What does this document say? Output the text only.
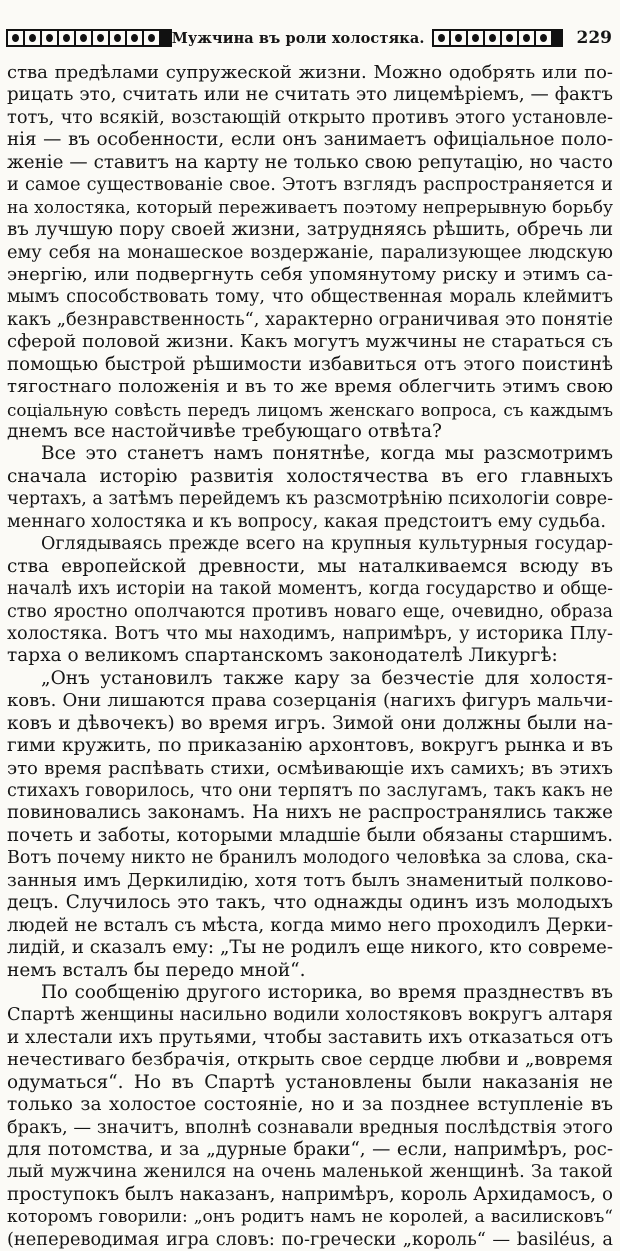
Мужчина въ роли холостяка.	229
ства предѣлами супружеской жизни. Можно одобрять или по-
рицать это, считать или не считать это лицемѣріемъ, — фактъ
тотъ, что всякій, возстающій открыто противъ этого установле-
нія — въ особенности, если онъ занимаетъ офиціальное поло-
женіе — ставитъ на карту не только свою репутацію, но часто
и самое существованіе свое. Этотъ взглядъ распространяется и
на холостяка, который переживаетъ поэтому непрерывную борьбу
въ лучшую пору своей жизни, затрудняясь рѣшить, обречь ли
ему себя на монашеское воздержаніе, парализующее людскую
энергію, или подвергнуть себя упомянутому риску и этимъ са-
мымъ способствовать тому, что общественная мораль клеймитъ
какъ „безнравственность“, характерно ограничивая это понятіе
сферой половой жизни. Какъ могутъ мужчины не стараться съ
помощью быстрой рѣшимости избавиться отъ этого поистинѣ
тягостнаго положенія и въ то же время облегчить этимъ свою
соціальную совѣсть передъ лицомъ женскаго вопроса, съ каждымъ
днемъ все настойчивѣе требующаго отвѣта?
Все это станетъ намъ понятнѣе, когда мы разсмотримъ
сначала исторію развитія холостячества въ его главныхъ
чертахъ, а затѣмъ перейдемъ къ разсмотрѣнію психологіи совре-
меннаго холостяка и къ вопросу, какая предстоитъ ему судьба.
Оглядываясь прежде всего на крупныя культурныя государ-
ства европейской древности, мы наталкиваемся всюду въ
началѣ ихъ исторіи на такой моментъ, когда государство и обще-
ство яростно ополчаются противъ новаго еще, очевидно, образа
холостяка. Вотъ что мы находимъ, напримѣръ, у историка Плу-
тарха о великомъ спартанскомъ законодателѣ Ликургѣ:
„Онъ установилъ также кару за безчестіе для холостя-
ковъ. Они лишаются права созерцанія (нагихъ фигуръ мальчи-
ковъ и дѣвочекъ) во время игръ. Зимой они должны были на-
гими кружить, по приказанію архонтовъ, вокругъ рынка и въ
это время распѣвать стихи, осмѣивающіе ихъ самихъ; въ этихъ
стихахъ говорилось, что они терпятъ по заслугамъ, такъ какъ не
повиновались законамъ. На нихъ не распространялись также
почеть и заботы, которыми младшіе были обязаны старшимъ.
Вотъ почему никто не бранилъ молодого человѣка за слова, ска-
занныя имъ Деркилидію, хотя тотъ былъ знаменитый полково-
децъ. Случилось это такъ, что однажды одинъ изъ молодыхъ
людей не всталъ съ мѣста, когда мимо него проходилъ Дерки-
лидій, и сказалъ ему: „Ты не родилъ еще никого, кто совреме-
немъ всталъ бы передо мной“.
По сообщенію другого историка, во время празднествъ въ
Спартѣ женщины насильно водили холостяковъ вокругъ алтаря
и хлестали ихъ прутьями, чтобы заставить ихъ отказаться отъ
нечестиваго безбрачія, открыть свое сердце любви и „вовремя
одуматься“. Но въ Спартѣ установлены были наказанія не
только за холостое состояніе, но и за позднее вступленіе въ
бракъ, — значитъ, вполнѣ сознавали вредныя послѣдствія этого
для потомства, и за „дурные браки“, — если, напримѣръ, рос-
лый мужчина женился на очень маленькой женщинѣ. За такой
проступокъ былъ наказанъ, напримѣръ, король Архидамосъ, о
которомъ говорили: „онъ родитъ намъ не королей, а василисковъ“
(непереводимая игра словъ: по-гречески „король“ — basiléus, а
